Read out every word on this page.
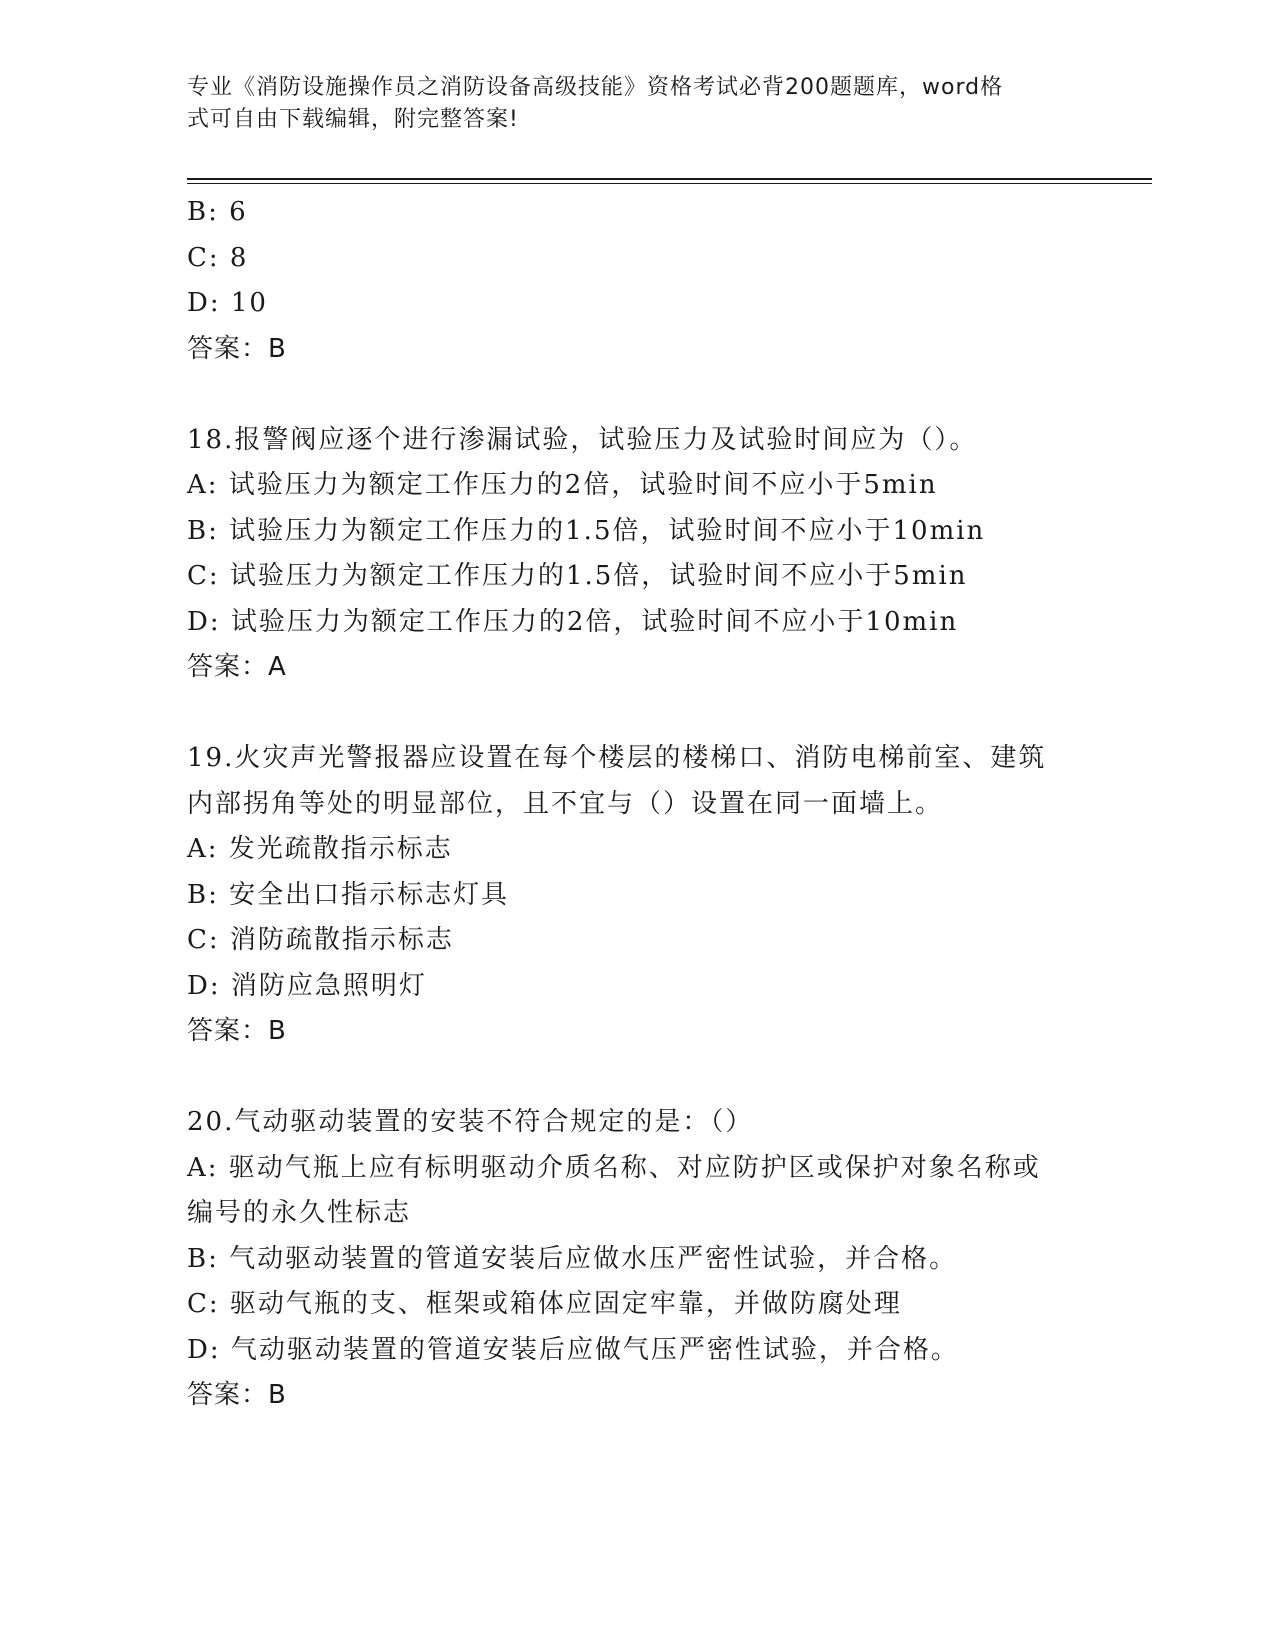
专业《消防设施操作员之消防设备高级技能》资格考试必背200题题库，word格
式可自由下载编辑，附完整答案!

B: 6

C: 8

D: 10

答案：B

18.报警阀应逐个进行渗漏试验，试验压力及试验时间应为（）。

A: 试验压力为额定工作压力的2倍，试验时间不应小于5min

B: 试验压力为额定工作压力的1.5倍，试验时间不应小于10min

C: 试验压力为额定工作压力的1.5倍，试验时间不应小于5min

D: 试验压力为额定工作压力的2倍，试验时间不应小于10min

答案：A

19.火灾声光警报器应设置在每个楼层的楼梯口、消防电梯前室、建筑

内部拐角等处的明显部位，且不宜与（）设置在同一面墙上。

A: 发光疏散指示标志

B: 安全出口指示标志灯具

C: 消防疏散指示标志

D: 消防应急照明灯

答案：B

20.气动驱动装置的安装不符合规定的是：（）

A: 驱动气瓶上应有标明驱动介质名称、对应防护区或保护对象名称或

编号的永久性标志

B: 气动驱动装置的管道安装后应做水压严密性试验，并合格。

C: 驱动气瓶的支、框架或箱体应固定牢靠，并做防腐处理

D: 气动驱动装置的管道安装后应做气压严密性试验，并合格。

答案：B
